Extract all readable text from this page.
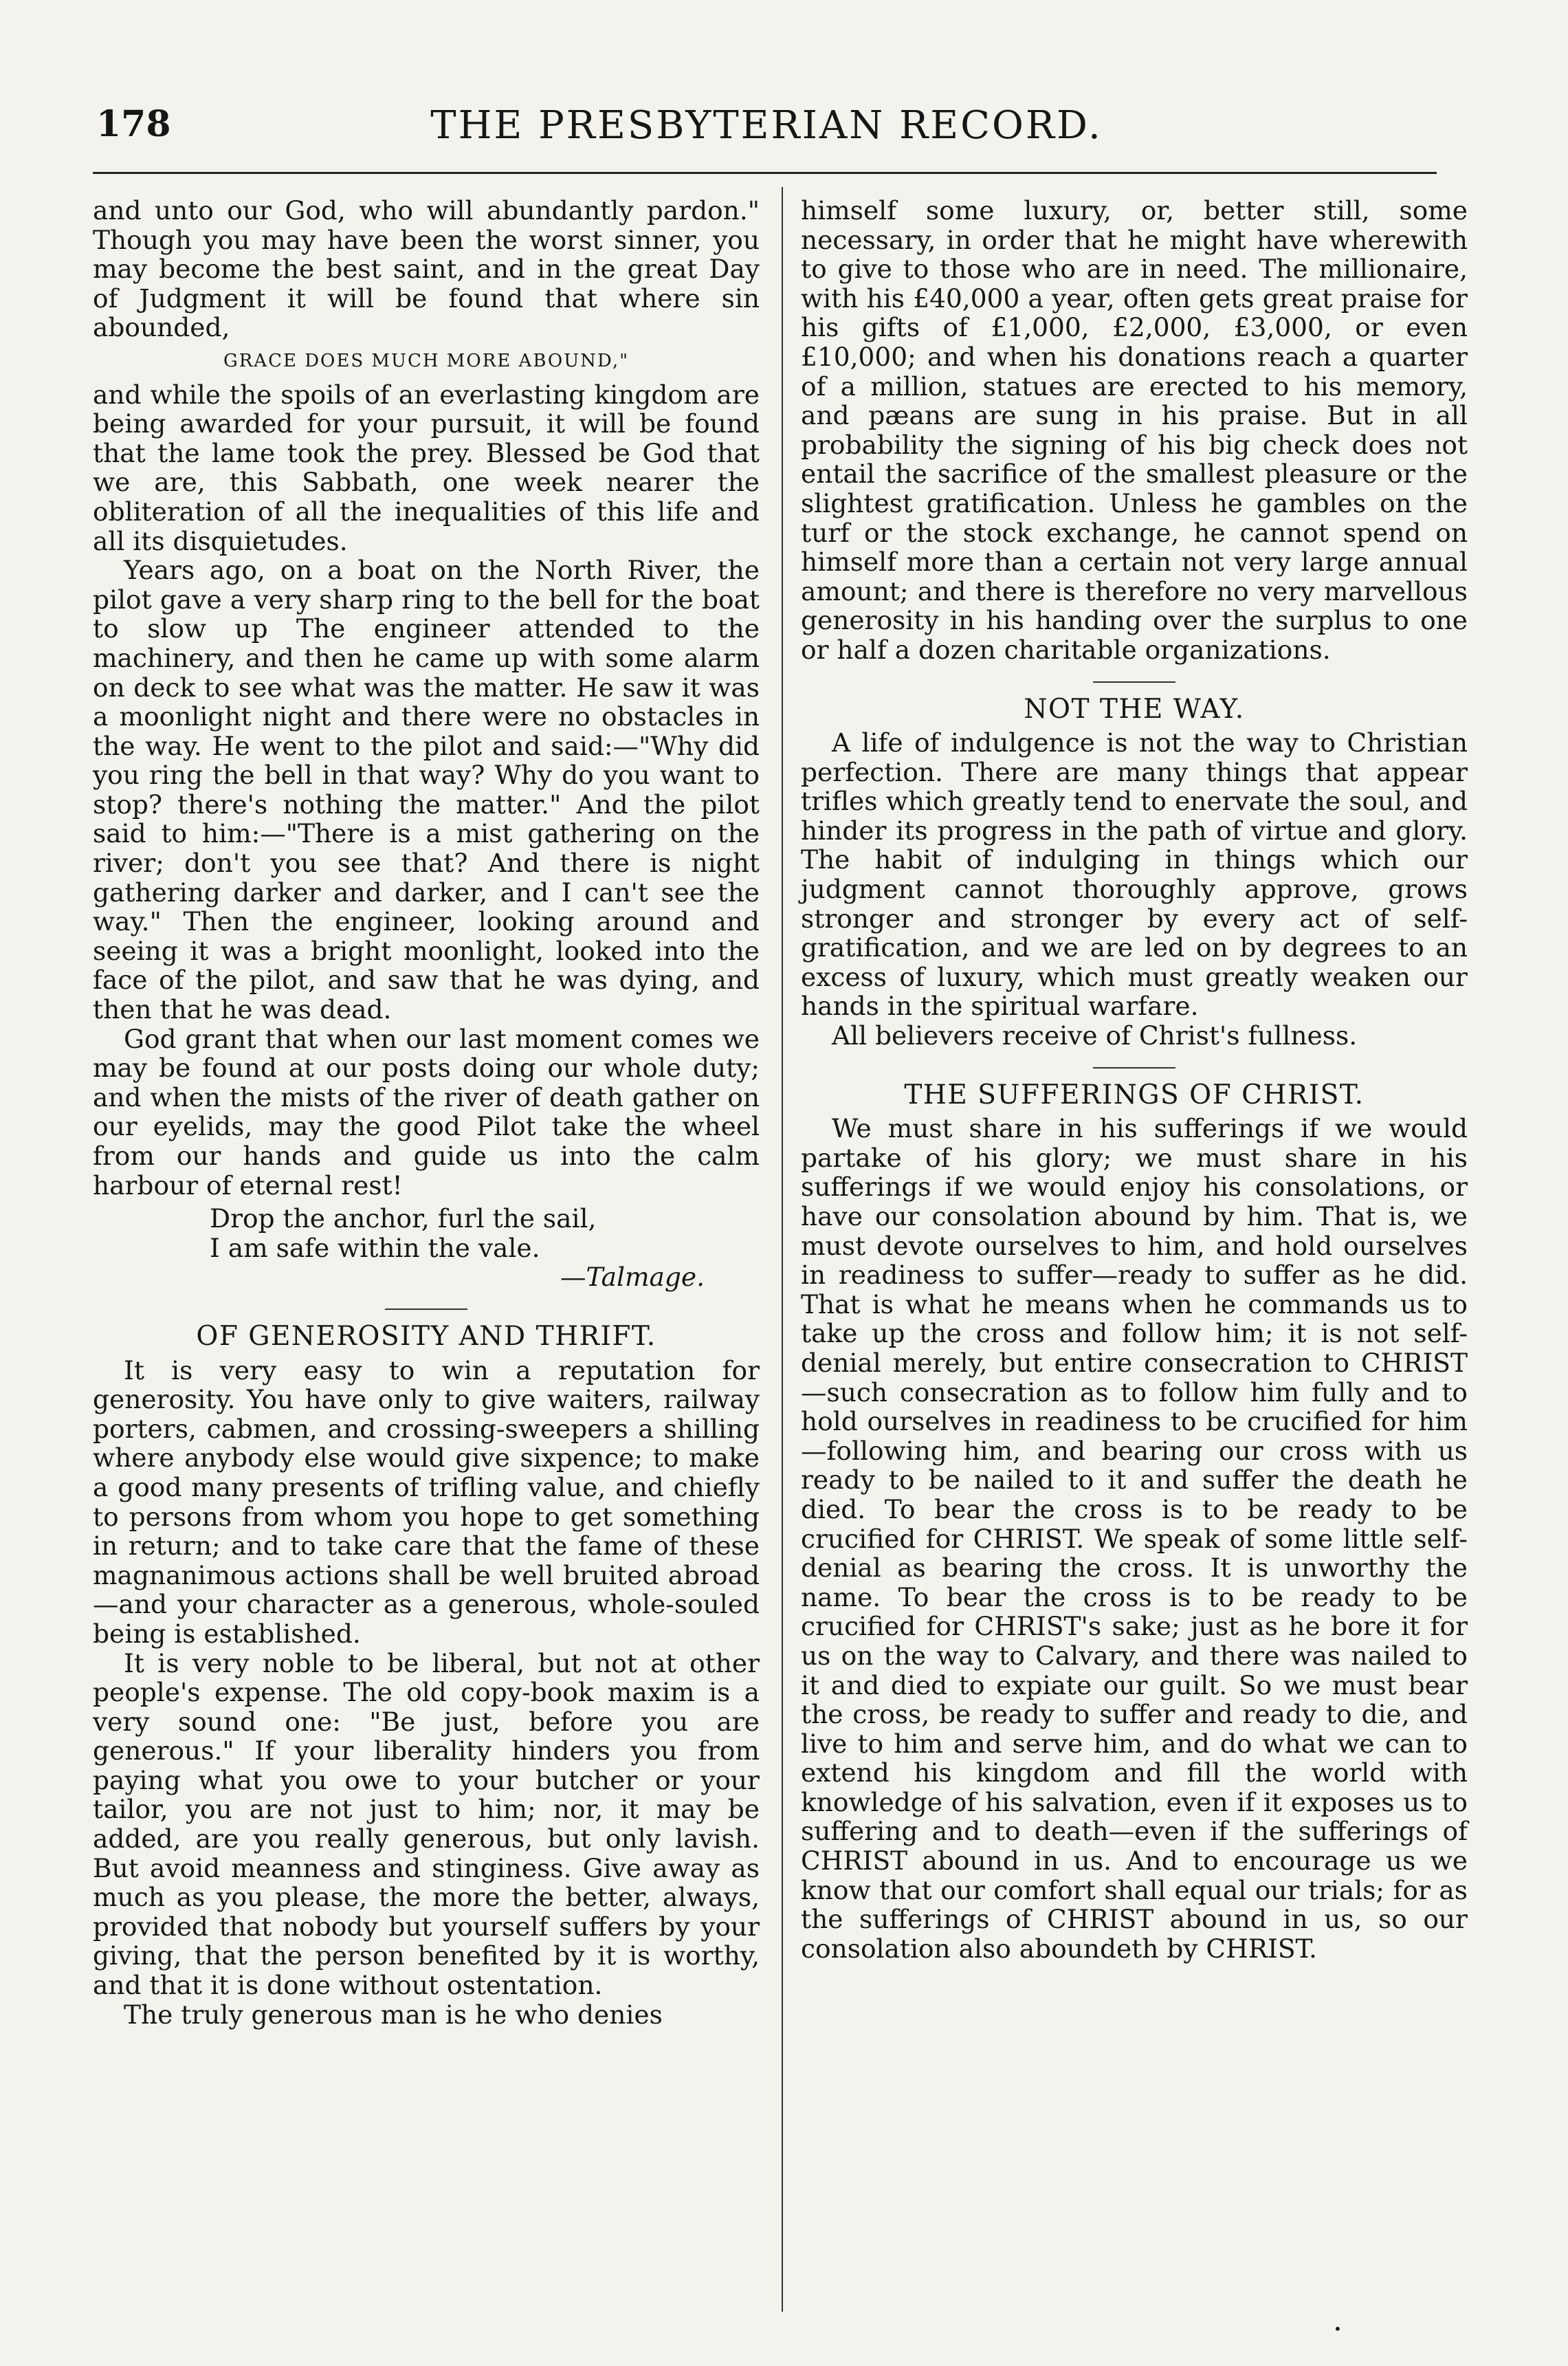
178	THE PRESBYTERIAN RECORD.

and unto our God, who will abundantly pardon." Though you may have been the worst sinner, you may become the best saint, and in the great Day of Judgment it will be found that where sin abounded,

GRACE DOES MUCH MORE ABOUND,"

and while the spoils of an everlasting kingdom are being awarded for your pursuit, it will be found that the lame took the prey. Blessed be God that we are, this Sabbath, one week nearer the obliteration of all the inequalities of this life and all its disquietudes.

Years ago, on a boat on the North River, the pilot gave a very sharp ring to the bell for the boat to slow up The engineer attended to the machinery, and then he came up with some alarm on deck to see what was the matter. He saw it was a moonlight night and there were no obstacles in the way. He went to the pilot and said:—"Why did you ring the bell in that way? Why do you want to stop? there's nothing the matter." And the pilot said to him:—"There is a mist gathering on the river; don't you see that? And there is night gathering darker and darker, and I can't see the way." Then the engineer, looking around and seeing it was a bright moonlight, looked into the face of the pilot, and saw that he was dying, and then that he was dead.

God grant that when our last moment comes we may be found at our posts doing our whole duty; and when the mists of the river of death gather on our eyelids, may the good Pilot take the wheel from our hands and guide us into the calm harbour of eternal rest!

Drop the anchor, furl the sail,
I am safe within the vale.
—Talmage.
OF GENEROSITY AND THRIFT.

It is very easy to win a reputation for generosity. You have only to give waiters, railway porters, cabmen, and crossing-sweepers a shilling where anybody else would give sixpence; to make a good many presents of trifling value, and chiefly to persons from whom you hope to get something in return; and to take care that the fame of these magnanimous actions shall be well bruited abroad—and your character as a generous, whole-souled being is established.

It is very noble to be liberal, but not at other people's expense. The old copy-book maxim is a very sound one: "Be just, before you are generous." If your liberality hinders you from paying what you owe to your butcher or your tailor, you are not just to him; nor, it may be added, are you really generous, but only lavish. But avoid meanness and stinginess. Give away as much as you please, the more the better, always, provided that nobody but yourself suffers by your giving, that the person benefited by it is worthy, and that it is done without ostentation.

The truly generous man is he who denies

himself some luxury, or, better still, some necessary, in order that he might have wherewith to give to those who are in need. The millionaire, with his £40,000 a year, often gets great praise for his gifts of £1,000, £2,000, £3,000, or even £10,000; and when his donations reach a quarter of a million, statues are erected to his memory, and pæans are sung in his praise. But in all probability the signing of his big check does not entail the sacrifice of the smallest pleasure or the slightest gratification. Unless he gambles on the turf or the stock exchange, he cannot spend on himself more than a certain not very large annual amount; and there is therefore no very marvellous generosity in his handing over the surplus to one or half a dozen charitable organizations.

NOT THE WAY.

A life of indulgence is not the way to Christian perfection. There are many things that appear trifles which greatly tend to enervate the soul, and hinder its progress in the path of virtue and glory. The habit of indulging in things which our judgment cannot thoroughly approve, grows stronger and stronger by every act of self-gratification, and we are led on by degrees to an excess of luxury, which must greatly weaken our hands in the spiritual warfare.

All believers receive of Christ's fullness.

THE SUFFERINGS OF CHRIST.

We must share in his sufferings if we would partake of his glory; we must share in his sufferings if we would enjoy his consolations, or have our consolation abound by him. That is, we must devote ourselves to him, and hold ourselves in readiness to suffer—ready to suffer as he did. That is what he means when he commands us to take up the cross and follow him; it is not self-denial merely, but entire consecration to CHRIST—such consecration as to follow him fully and to hold ourselves in readiness to be crucified for him—following him, and bearing our cross with us ready to be nailed to it and suffer the death he died. To bear the cross is to be ready to be crucified for CHRIST. We speak of some little self-denial as bearing the cross. It is unworthy the name. To bear the cross is to be ready to be crucified for CHRIST's sake; just as he bore it for us on the way to Calvary, and there was nailed to it and died to expiate our guilt. So we must bear the cross, be ready to suffer and ready to die, and live to him and serve him, and do what we can to extend his kingdom and fill the world with knowledge of his salvation, even if it exposes us to suffering and to death—even if the sufferings of CHRIST abound in us. And to encourage us we know that our comfort shall equal our trials; for as the sufferings of CHRIST abound in us, so our consolation also aboundeth by CHRIST.

•
